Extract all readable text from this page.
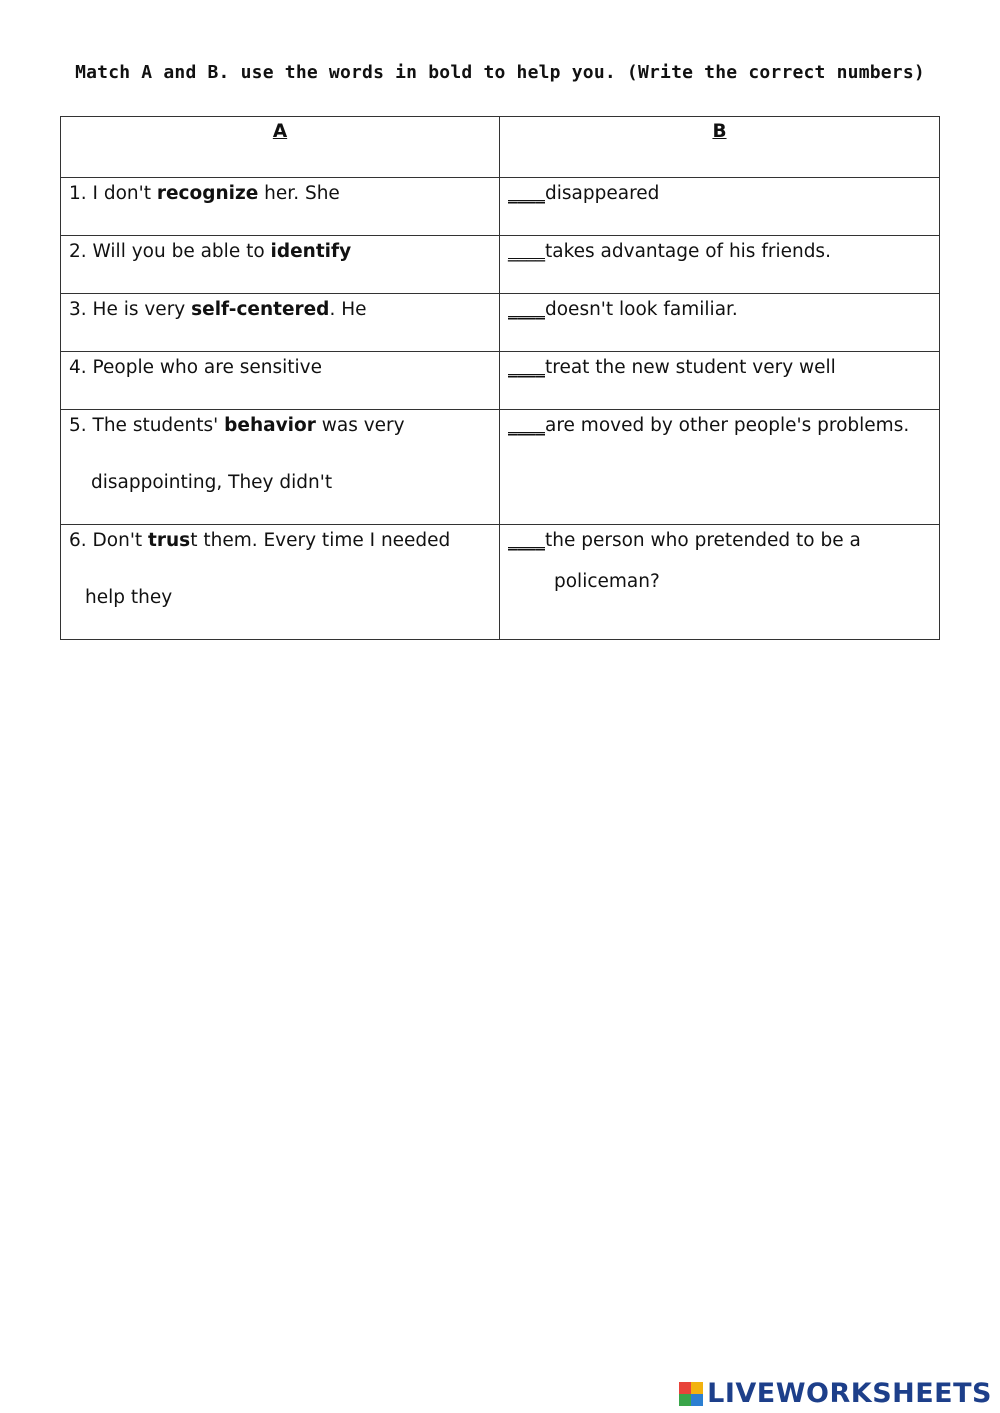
Match A and B. use the words in bold to help you. (Write the correct numbers)
A	B

1. I don't recognize her. She	____disappeared

2. Will you be able to identify	____takes advantage of his friends.

3. He is very self-centered. He	____doesn't look familiar.

4. People who are sensitive	____treat the new student very well

5. The students' behavior was very
disappointing, They didn't	____are moved by other people's problems.

6. Don't trust them. Every time I needed
help they	____the person who pretended to be a
policeman?
LIVEWORKSHEETS
